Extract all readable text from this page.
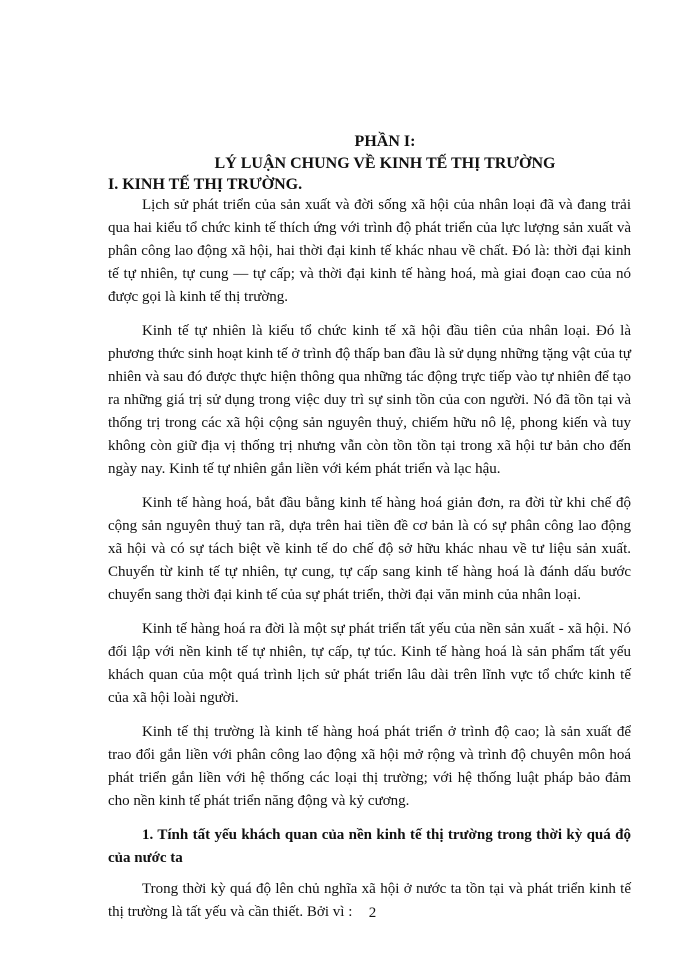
PHẦN I:
LÝ LUẬN CHUNG VỀ KINH TẾ THỊ TRƯỜNG
I. KINH TẾ THỊ TRƯỜNG.

Lịch sử phát triển của sản xuất và đời sống xã hội của nhân loại đã và đang trải qua hai kiểu tổ chức kinh tế thích ứng với trình độ phát triển của lực lượng sản xuất và phân công lao động xã hội, hai thời đại kinh tế khác nhau về chất. Đó là: thời đại kinh tế tự nhiên, tự cung — tự cấp; và thời đại kinh tế hàng hoá, mà giai đoạn cao của nó được gọi là kinh tế thị trường.

Kinh tế tự nhiên là kiểu tổ chức kinh tế xã hội đầu tiên của nhân loại. Đó là phương thức sinh hoạt kinh tế ở trình độ thấp ban đầu là sử dụng những tặng vật của tự nhiên và sau đó được thực hiện thông qua những tác động trực tiếp vào tự nhiên để tạo ra những giá trị sử dụng trong việc duy trì sự sinh tồn của con người. Nó đã tồn tại và thống trị trong các xã hội cộng sản nguyên thuỷ, chiếm hữu nô lệ, phong kiến và tuy không còn giữ địa vị thống trị nhưng vẫn còn tồn tồn tại trong xã hội tư bản cho đến ngày nay. Kinh tế tự nhiên gắn liền với kém phát triển và lạc hậu.

Kinh tế hàng hoá, bắt đầu bằng kinh tế hàng hoá giản đơn, ra đời từ khi chế độ cộng sản nguyên thuỷ tan rã, dựa trên hai tiền đề cơ bản là có sự phân công lao động xã hội và có sự tách biệt về kinh tế do chế độ sở hữu khác nhau về tư liệu sản xuất. Chuyển từ kinh tế tự nhiên, tự cung, tự cấp sang kinh tế hàng hoá là đánh dấu bước chuyển sang thời đại kinh tế của sự phát triển, thời đại văn minh của nhân loại.

Kinh tế hàng hoá ra đời là một sự phát triển tất yếu của nền sản xuất - xã hội. Nó đối lập với nền kinh tế tự nhiên, tự cấp, tự túc. Kinh tế hàng hoá là sản phẩm tất yếu khách quan của một quá trình lịch sử phát triển lâu dài trên lĩnh vực tổ chức kinh tế của xã hội loài người.

Kinh tế thị trường là kinh tế hàng hoá phát triển ở trình độ cao; là sản xuất để trao đổi gắn liền với phân công lao động xã hội mở rộng và trình độ chuyên môn hoá phát triển gắn liền với hệ thống các loại thị trường; với hệ thống luật pháp bảo đảm cho nền kinh tế phát triển năng động và kỷ cương.

1. Tính tất yếu khách quan của nền kinh tế thị trường trong thời kỳ quá độ của nước ta

Trong thời kỳ quá độ lên chủ nghĩa xã hội ở nước ta tồn tại và phát triển kinh tế thị trường là tất yếu và cần thiết. Bởi vì :	2
